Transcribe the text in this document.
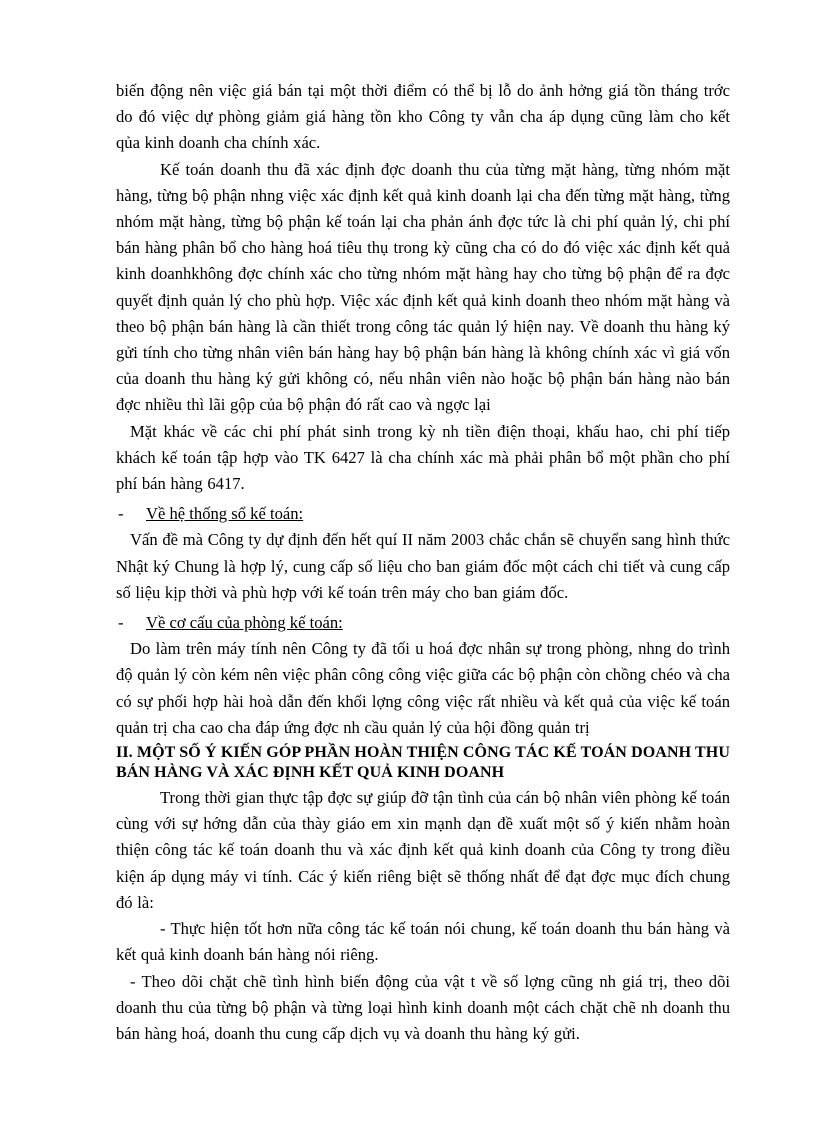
biến động nên việc giá bán tại một thời điểm có thể bị lỗ do ảnh hởng giá tồn tháng trớc do đó việc dự phòng giảm giá hàng tồn kho Công ty vẫn cha áp dụng cũng làm cho kết qủa kinh doanh cha chính xác.

Kế toán doanh thu đã xác định đợc doanh thu của từng mặt hàng, từng nhóm mặt hàng, từng bộ phận nhng việc xác định kết quả kinh doanh lại cha đến từng mặt hàng, từng nhóm mặt hàng, từng bộ phận kế toán lại cha phản ánh đợc tức là chi phí quản lý, chi phí bán hàng phân bổ cho hàng hoá tiêu thụ trong kỳ cũng cha có do đó việc xác định kết quả kinh doanhkhông đợc chính xác cho từng nhóm mặt hàng hay cho từng bộ phận để ra đợc quyết định quản lý cho phù hợp. Việc xác định kết quả kinh doanh theo nhóm mặt hàng và theo bộ phận bán hàng là cần thiết trong công tác quản lý hiện nay. Về doanh thu hàng ký gửi tính cho từng nhân viên bán hàng hay bộ phận bán hàng là không chính xác vì giá vốn của doanh thu hàng ký gửi không có, nếu nhân viên nào hoặc bộ phận bán hàng nào bán đợc nhiều thì lãi gộp của bộ phận đó rất cao và ngợc lại

Mặt khác về các chi phí phát sinh trong kỳ nh tiền điện thoại, khấu hao, chi phí tiếp khách kế toán tập hợp vào TK 6427 là cha chính xác mà phải phân bổ một phần cho phí phí bán hàng 6417.

-	Về hệ thống sổ kế toán:

Vấn đề mà Công ty dự định đến hết quí II năm 2003 chắc chắn sẽ chuyển sang hình thức Nhật ký Chung là hợp lý, cung cấp số liệu cho ban giám đốc một cách chi tiết và cung cấp số liệu kịp thời và phù hợp với kế toán trên máy cho ban giám đốc.

-	Về cơ cấu của phòng kế toán:

Do làm trên máy tính nên Công ty đã tối u hoá đợc nhân sự trong phòng, nhng do trình độ quản lý còn kém nên việc phân công công việc giữa các bộ phận còn chồng chéo và cha có sự phối hợp hài hoà dẫn đến khối lợng công việc rất nhiều và kết quả của việc kế toán quản trị cha cao cha đáp ứng đợc nh cầu quản lý của hội đồng quản trị

II. MỘT SỐ Ý KIẾN GÓP PHẦN HOÀN THIỆN CÔNG TÁC KẾ TOÁN DOANH THU BÁN HÀNG VÀ XÁC ĐỊNH KẾT QUẢ KINH DOANH

Trong thời gian thực tập đợc sự giúp đỡ tận tình của cán bộ nhân viên phòng kế toán cùng với sự hớng dẫn của thày giáo em xin mạnh dạn đề xuất một số ý kiến nhằm hoàn thiện công tác kế toán doanh thu và xác định kết quả kinh doanh của Công ty trong điều kiện áp dụng máy vi tính. Các ý kiến riêng biệt sẽ thống nhất để đạt đợc mục đích chung đó là:

- Thực hiện tốt hơn nữa công tác kế toán nói chung, kế toán doanh thu bán hàng và kết quả kinh doanh bán hàng nói riêng.

- Theo dõi chặt chẽ tình hình biến động của vật t về số lợng cũng nh giá trị, theo dõi doanh thu của từng bộ phận và từng loại hình kinh doanh một cách chặt chẽ nh doanh thu bán hàng hoá, doanh thu cung cấp dịch vụ và doanh thu hàng ký gửi.
